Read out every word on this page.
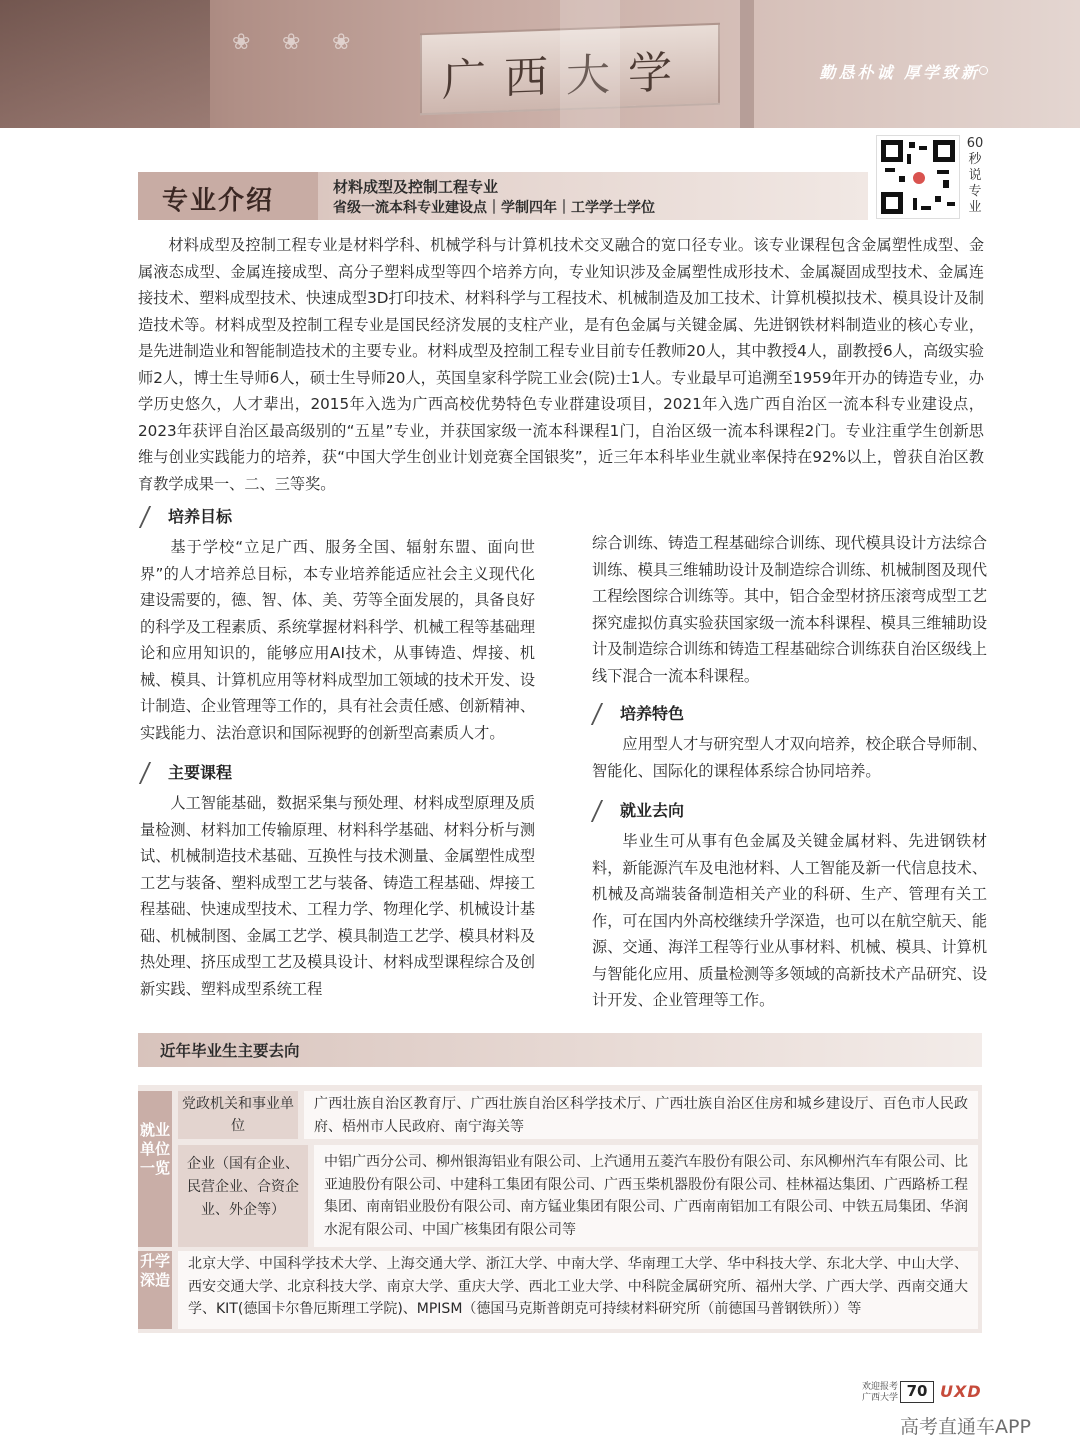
❀ ❀ ❀
广西大学	勤恳朴诚 厚学致新
60秒说专业
专业介绍	材料成型及控制工程专业
省级一流本科专业建设点｜学制四年｜工学学士学位
材料成型及控制工程专业是材料学科、机械学科与计算机技术交叉融合的宽口径专业。该专业课程包含金属塑性成型、金属液态成型、金属连接成型、高分子塑料成型等四个培养方向，专业知识涉及金属塑性成形技术、金属凝固成型技术、金属连接技术、塑料成型技术、快速成型3D打印技术、材料科学与工程技术、机械制造及加工技术、计算机模拟技术、模具设计及制造技术等。材料成型及控制工程专业是国民经济发展的支柱产业，是有色金属与关键金属、先进钢铁材料制造业的核心专业，是先进制造业和智能制造技术的主要专业。材料成型及控制工程专业目前专任教师20人，其中教授4人，副教授6人，高级实验师2人，博士生导师6人，硕士生导师20人，英国皇家科学院工业会(院)士1人。专业最早可追溯至1959年开办的铸造专业，办学历史悠久，人才辈出，2015年入选为广西高校优势特色专业群建设项目，2021年入选广西自治区一流本科专业建设点，2023年获评自治区最高级别的“五星”专业，并获国家级一流本科课程1门，自治区级一流本科课程2门。专业注重学生创新思维与创业实践能力的培养，获“中国大学生创业计划竞赛全国银奖”，近三年本科毕业生就业率保持在92%以上，曾获自治区教育教学成果一、二、三等奖。
培养目标
基于学校“立足广西、服务全国、辐射东盟、面向世界”的人才培养总目标，本专业培养能适应社会主义现代化建设需要的，德、智、体、美、劳等全面发展的，具备良好的科学及工程素质、系统掌握材料科学、机械工程等基础理论和应用知识的，能够应用AI技术，从事铸造、焊接、机械、模具、计算机应用等材料成型加工领域的技术开发、设计制造、企业管理等工作的，具有社会责任感、创新精神、实践能力、法治意识和国际视野的创新型高素质人才。
主要课程
人工智能基础，数据采集与预处理、材料成型原理及质量检测、材料加工传输原理、材料科学基础、材料分析与测试、机械制造技术基础、互换性与技术测量、金属塑性成型工艺与装备、塑料成型工艺与装备、铸造工程基础、焊接工程基础、快速成型技术、工程力学、物理化学、机械设计基础、机械制图、金属工艺学、模具制造工艺学、模具材料及热处理、挤压成型工艺及模具设计、材料成型课程综合及创新实践、塑料成型系统工程
综合训练、铸造工程基础综合训练、现代模具设计方法综合训练、模具三维辅助设计及制造综合训练、机械制图及现代工程绘图综合训练等。其中，铝合金型材挤压滚弯成型工艺探究虚拟仿真实验获国家级一流本科课程、模具三维辅助设计及制造综合训练和铸造工程基础综合训练获自治区级线上线下混合一流本科课程。
培养特色
应用型人才与研究型人才双向培养，校企联合导师制、智能化、国际化的课程体系综合协同培养。
就业去向
毕业生可从事有色金属及关键金属材料、先进钢铁材料，新能源汽车及电池材料、人工智能及新一代信息技术、机械及高端装备制造相关产业的科研、生产、管理有关工作，可在国内外高校继续升学深造，也可以在航空航天、能源、交通、海洋工程等行业从事材料、机械、模具、计算机与智能化应用、质量检测等多领域的高新技术产品研究、设计开发、企业管理等工作。
近年毕业生主要去向
就业单位一览
升学深造
党政机关和事业单位
广西壮族自治区教育厅、广西壮族自治区科学技术厅、广西壮族自治区住房和城乡建设厅、百色市人民政府、梧州市人民政府、南宁海关等
企业（国有企业、民营企业、合资企业、外企等）
中铝广西分公司、柳州银海铝业有限公司、上汽通用五菱汽车股份有限公司、东风柳州汽车有限公司、比亚迪股份有限公司、中建科工集团有限公司、广西玉柴机器股份有限公司、桂林福达集团、广西路桥工程集团、南南铝业股份有限公司、南方锰业集团有限公司、广西南南铝加工有限公司、中铁五局集团、华润水泥有限公司、中国广核集团有限公司等
北京大学、中国科学技术大学、上海交通大学、浙江大学、中南大学、华南理工大学、华中科技大学、东北大学、中山大学、西安交通大学、北京科技大学、南京大学、重庆大学、西北工业大学、中科院金属研究所、福州大学、广西大学、西南交通大学、KIT(德国卡尔鲁厄斯理工学院)、MPISM（德国马克斯普朗克可持续材料研究所（前德国马普钢铁所））等
欢迎报考
广西大学 70 UXD
高考直通车APP
